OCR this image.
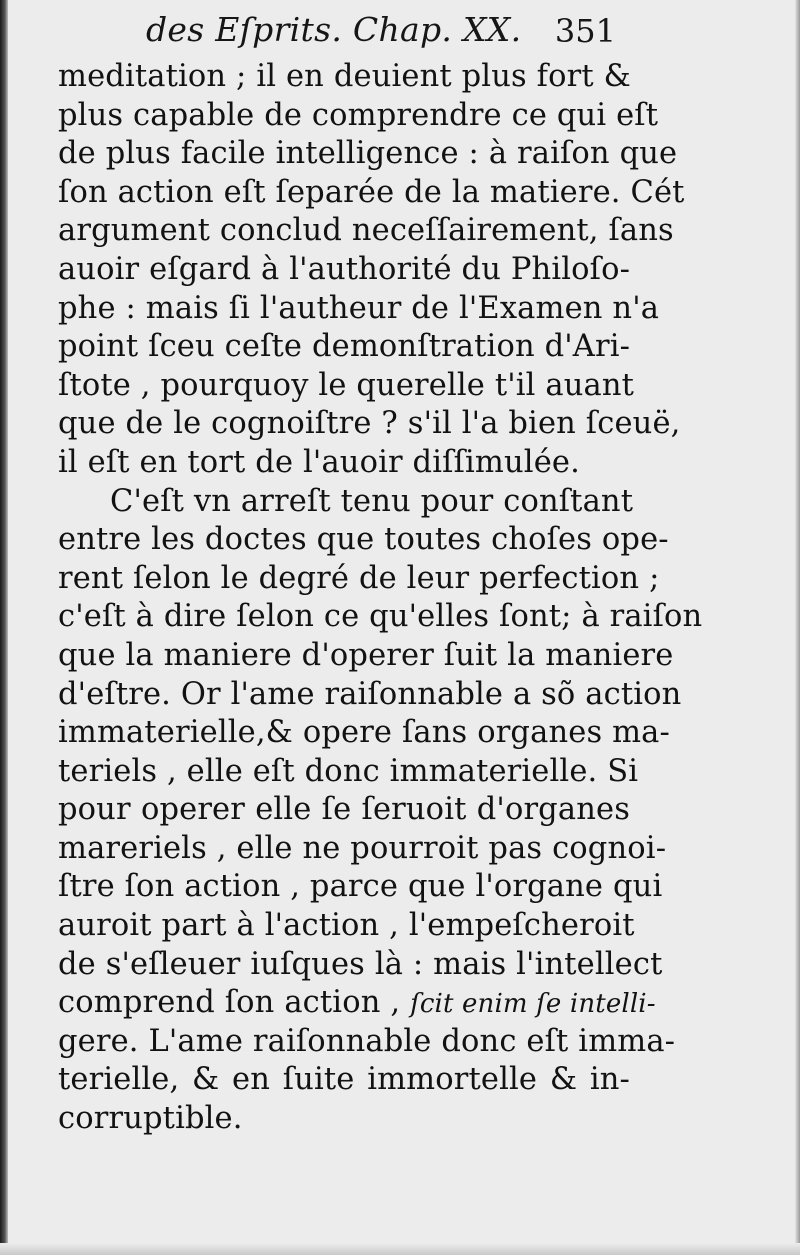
des Eſprits. Chap. XX. 351
meditation ; il en deuient plus fort &
plus capable de comprendre ce qui eſt
de plus facile intelligence : à raiſon que
ſon action eſt ſeparée de la matiere. Cét
argument conclud neceſſairement, ſans
auoir eſgard à l'authorité du Philoſo-
phe : mais ſi l'autheur de l'Examen n'a
point ſceu ceſte demonſtration d'Ari-
ſtote , pourquoy le querelle t'il auant
que de le cognoiſtre ? s'il l'a bien ſceuë,
il eſt en tort de l'auoir diſſimulée.
C'eſt vn arreſt tenu pour conſtant
entre les doctes que toutes choſes ope-
rent ſelon le degré de leur perfection ;
c'eſt à dire ſelon ce qu'elles ſont; à raiſon
que la maniere d'operer ſuit la maniere
d'eſtre. Or l'ame raiſonnable a sõ action
immaterielle,& opere ſans organes ma-
teriels , elle eſt donc immaterielle. Si
pour operer elle ſe ſeruoit d'organes
mareriels , elle ne pourroit pas cognoi-
ſtre ſon action , parce que l'organe qui
auroit part à l'action , l'empeſcheroit
de s'eſleuer iuſques là : mais l'intellect
comprend ſon action , ſcit enim ſe intelli-
gere. L'ame raiſonnable donc eſt imma-
terielle, & en ſuite immortelle & in-
corruptible.
